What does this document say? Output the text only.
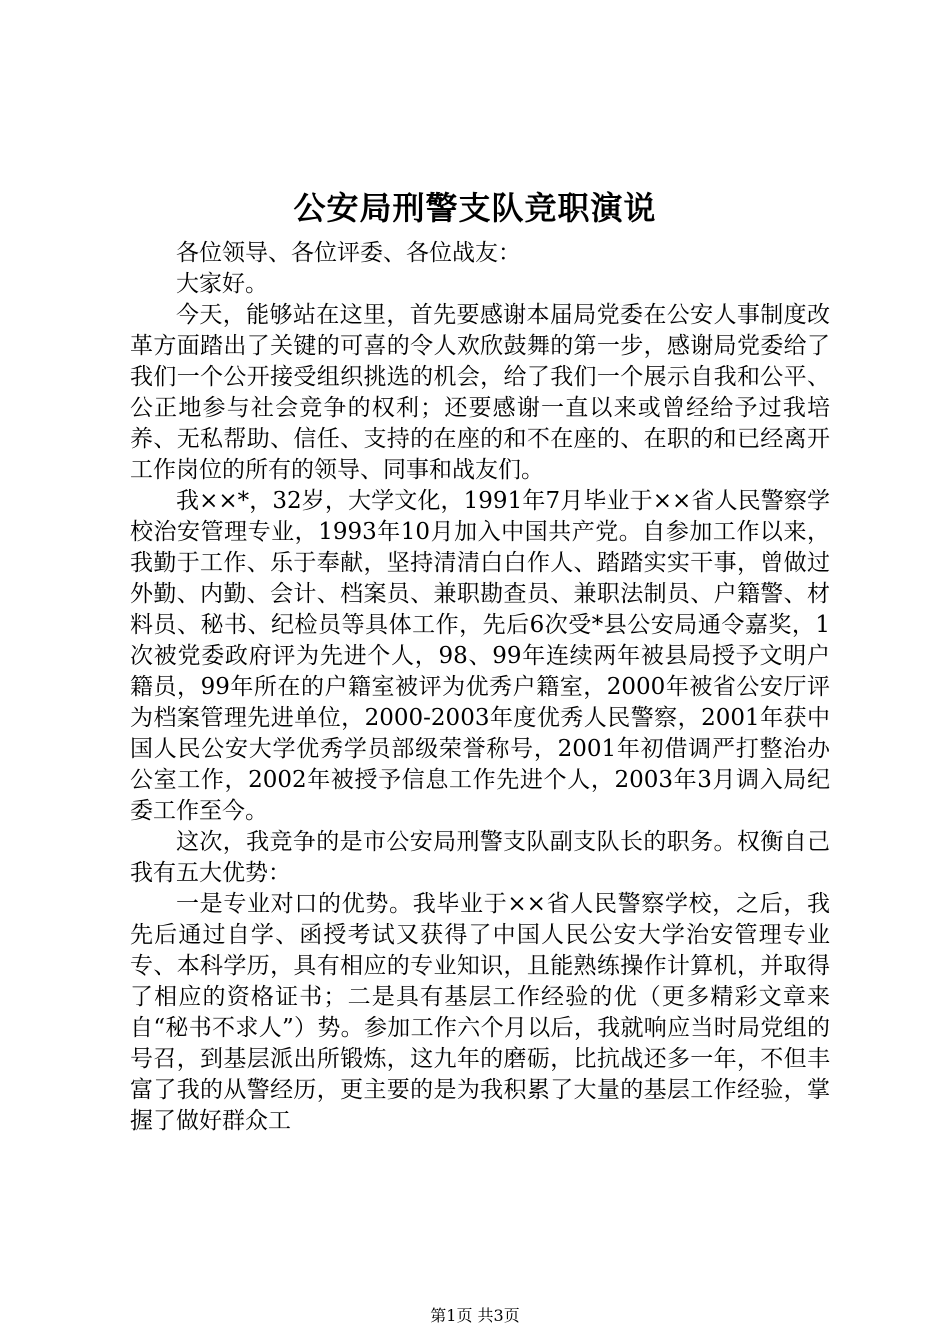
公安局刑警支队竞职演说

各位领导、各位评委、各位战友：

大家好。

今天，能够站在这里，首先要感谢本届局党委在公安人事制度改革方面踏出了关键的可喜的令人欢欣鼓舞的第一步，感谢局党委给了我们一个公开接受组织挑选的机会，给了我们一个展示自我和公平、公正地参与社会竞争的权利；还要感谢一直以来或曾经给予过我培养、无私帮助、信任、支持的在座的和不在座的、在职的和已经离开工作岗位的所有的领导、同事和战友们。

我××*，32岁，大学文化，1991年7月毕业于××省人民警察学校治安管理专业，1993年10月加入中国共产党。自参加工作以来，我勤于工作、乐于奉献，坚持清清白白作人、踏踏实实干事，曾做过外勤、内勤、会计、档案员、兼职勘查员、兼职法制员、户籍警、材料员、秘书、纪检员等具体工作，先后6次受*县公安局通令嘉奖，1次被党委政府评为先进个人，98、99年连续两年被县局授予文明户籍员，99年所在的户籍室被评为优秀户籍室，2000年被省公安厅评为档案管理先进单位，2000-2003年度优秀人民警察，2001年获中国人民公安大学优秀学员部级荣誉称号，2001年初借调严打整治办公室工作，2002年被授予信息工作先进个人，2003年3月调入局纪委工作至今。

这次，我竞争的是市公安局刑警支队副支队长的职务。权衡自己我有五大优势：

一是专业对口的优势。我毕业于××省人民警察学校，之后，我先后通过自学、函授考试又获得了中国人民公安大学治安管理专业专、本科学历，具有相应的专业知识，且能熟练操作计算机，并取得了相应的资格证书；二是具有基层工作经验的优（更多精彩文章来自“秘书不求人”）势。参加工作六个月以后，我就响应当时局党组的号召，到基层派出所锻炼，这九年的磨砺，比抗战还多一年，不但丰富了我的从警经历，更主要的是为我积累了大量的基层工作经验，掌握了做好群众工

第1页 共3页
